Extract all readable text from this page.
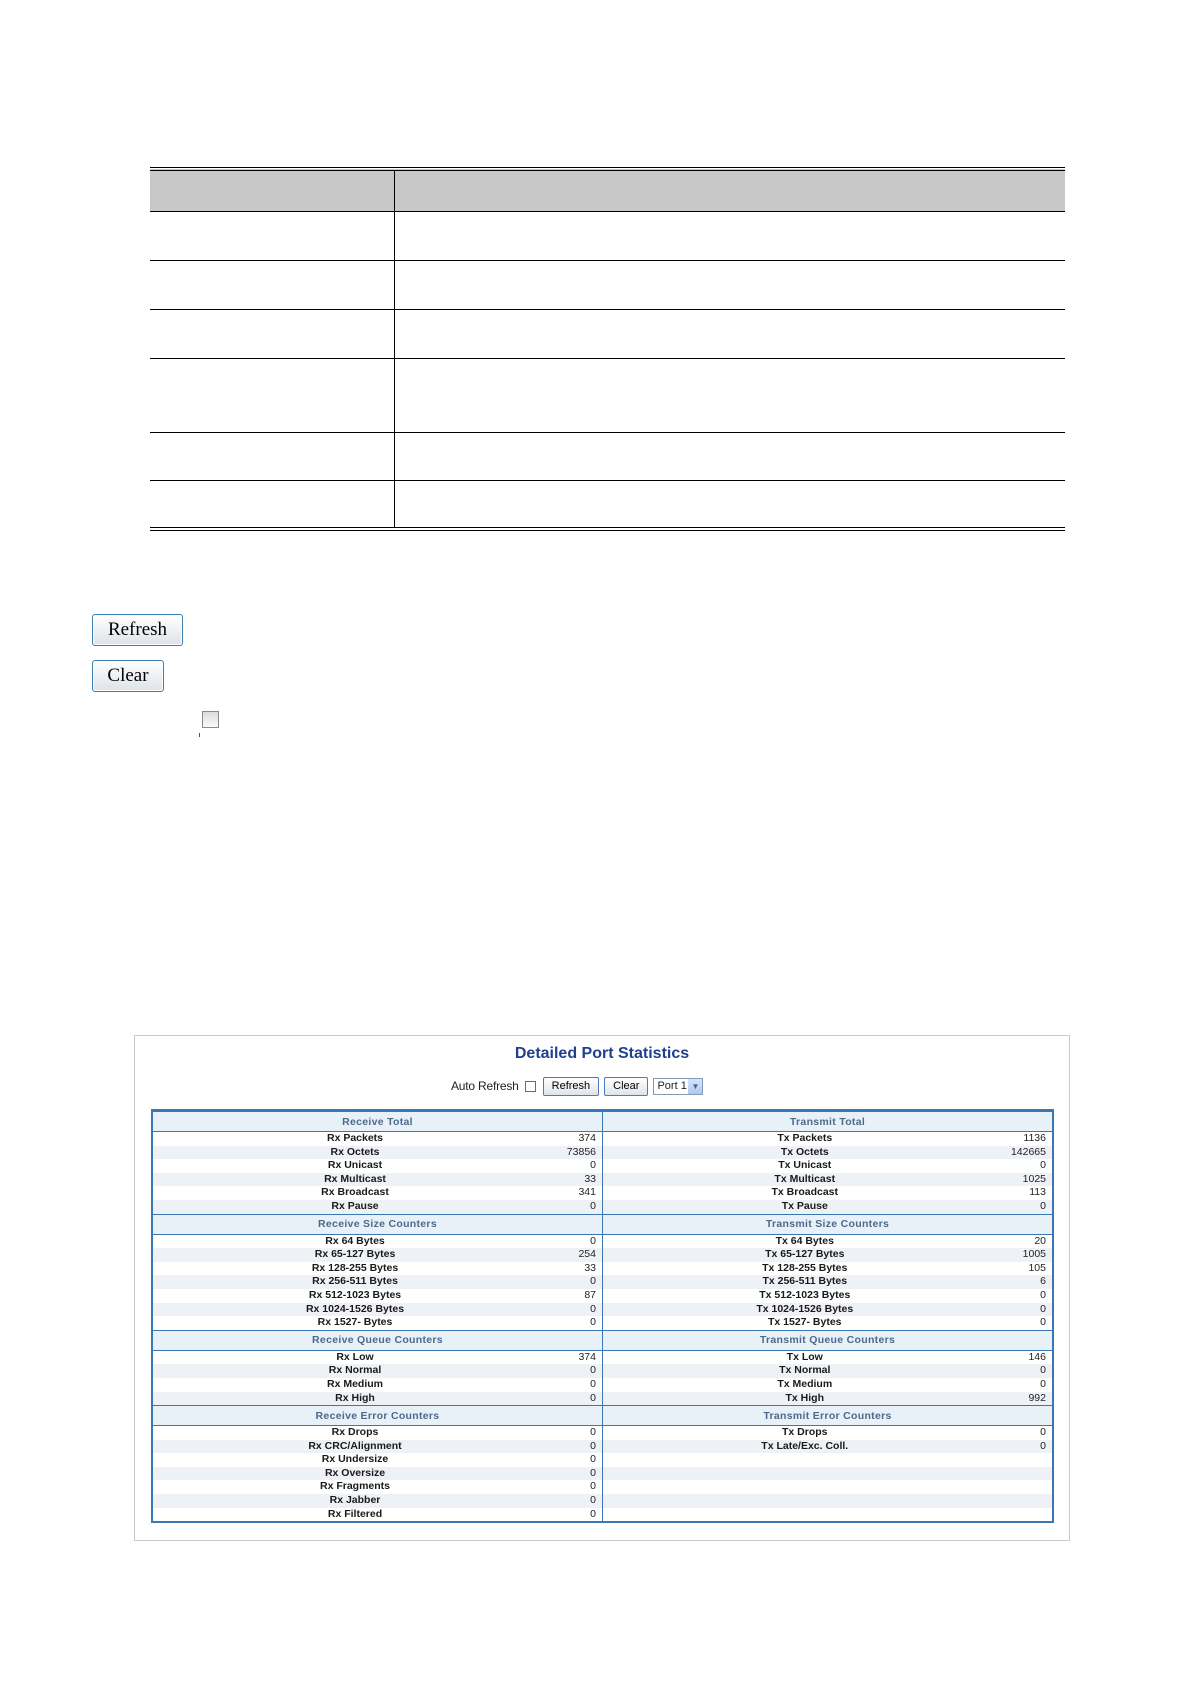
Refresh
Clear
Detailed Port Statistics
Auto Refresh	Refresh	Clear	Port 1 ▼
Receive Total		Transmit Total	
Rx Packets	374	Tx Packets	1136
Rx Octets	73856	Tx Octets	142665
Rx Unicast	0	Tx Unicast	0
Rx Multicast	33	Tx Multicast	1025
Rx Broadcast	341	Tx Broadcast	113
Rx Pause	0	Tx Pause	0
Receive Size Counters		Transmit Size Counters	
Rx 64 Bytes	0	Tx 64 Bytes	20
Rx 65-127 Bytes	254	Tx 65-127 Bytes	1005
Rx 128-255 Bytes	33	Tx 128-255 Bytes	105
Rx 256-511 Bytes	0	Tx 256-511 Bytes	6
Rx 512-1023 Bytes	87	Tx 512-1023 Bytes	0
Rx 1024-1526 Bytes	0	Tx 1024-1526 Bytes	0
Rx 1527- Bytes	0	Tx 1527- Bytes	0
Receive Queue Counters		Transmit Queue Counters	
Rx Low	374	Tx Low	146
Rx Normal	0	Tx Normal	0
Rx Medium	0	Tx Medium	0
Rx High	0	Tx High	992
Receive Error Counters		Transmit Error Counters	
Rx Drops	0	Tx Drops	0
Rx CRC/Alignment	0	Tx Late/Exc. Coll.	0
Rx Undersize	0		
Rx Oversize	0		
Rx Fragments	0		
Rx Jabber	0		
Rx Filtered	0		
